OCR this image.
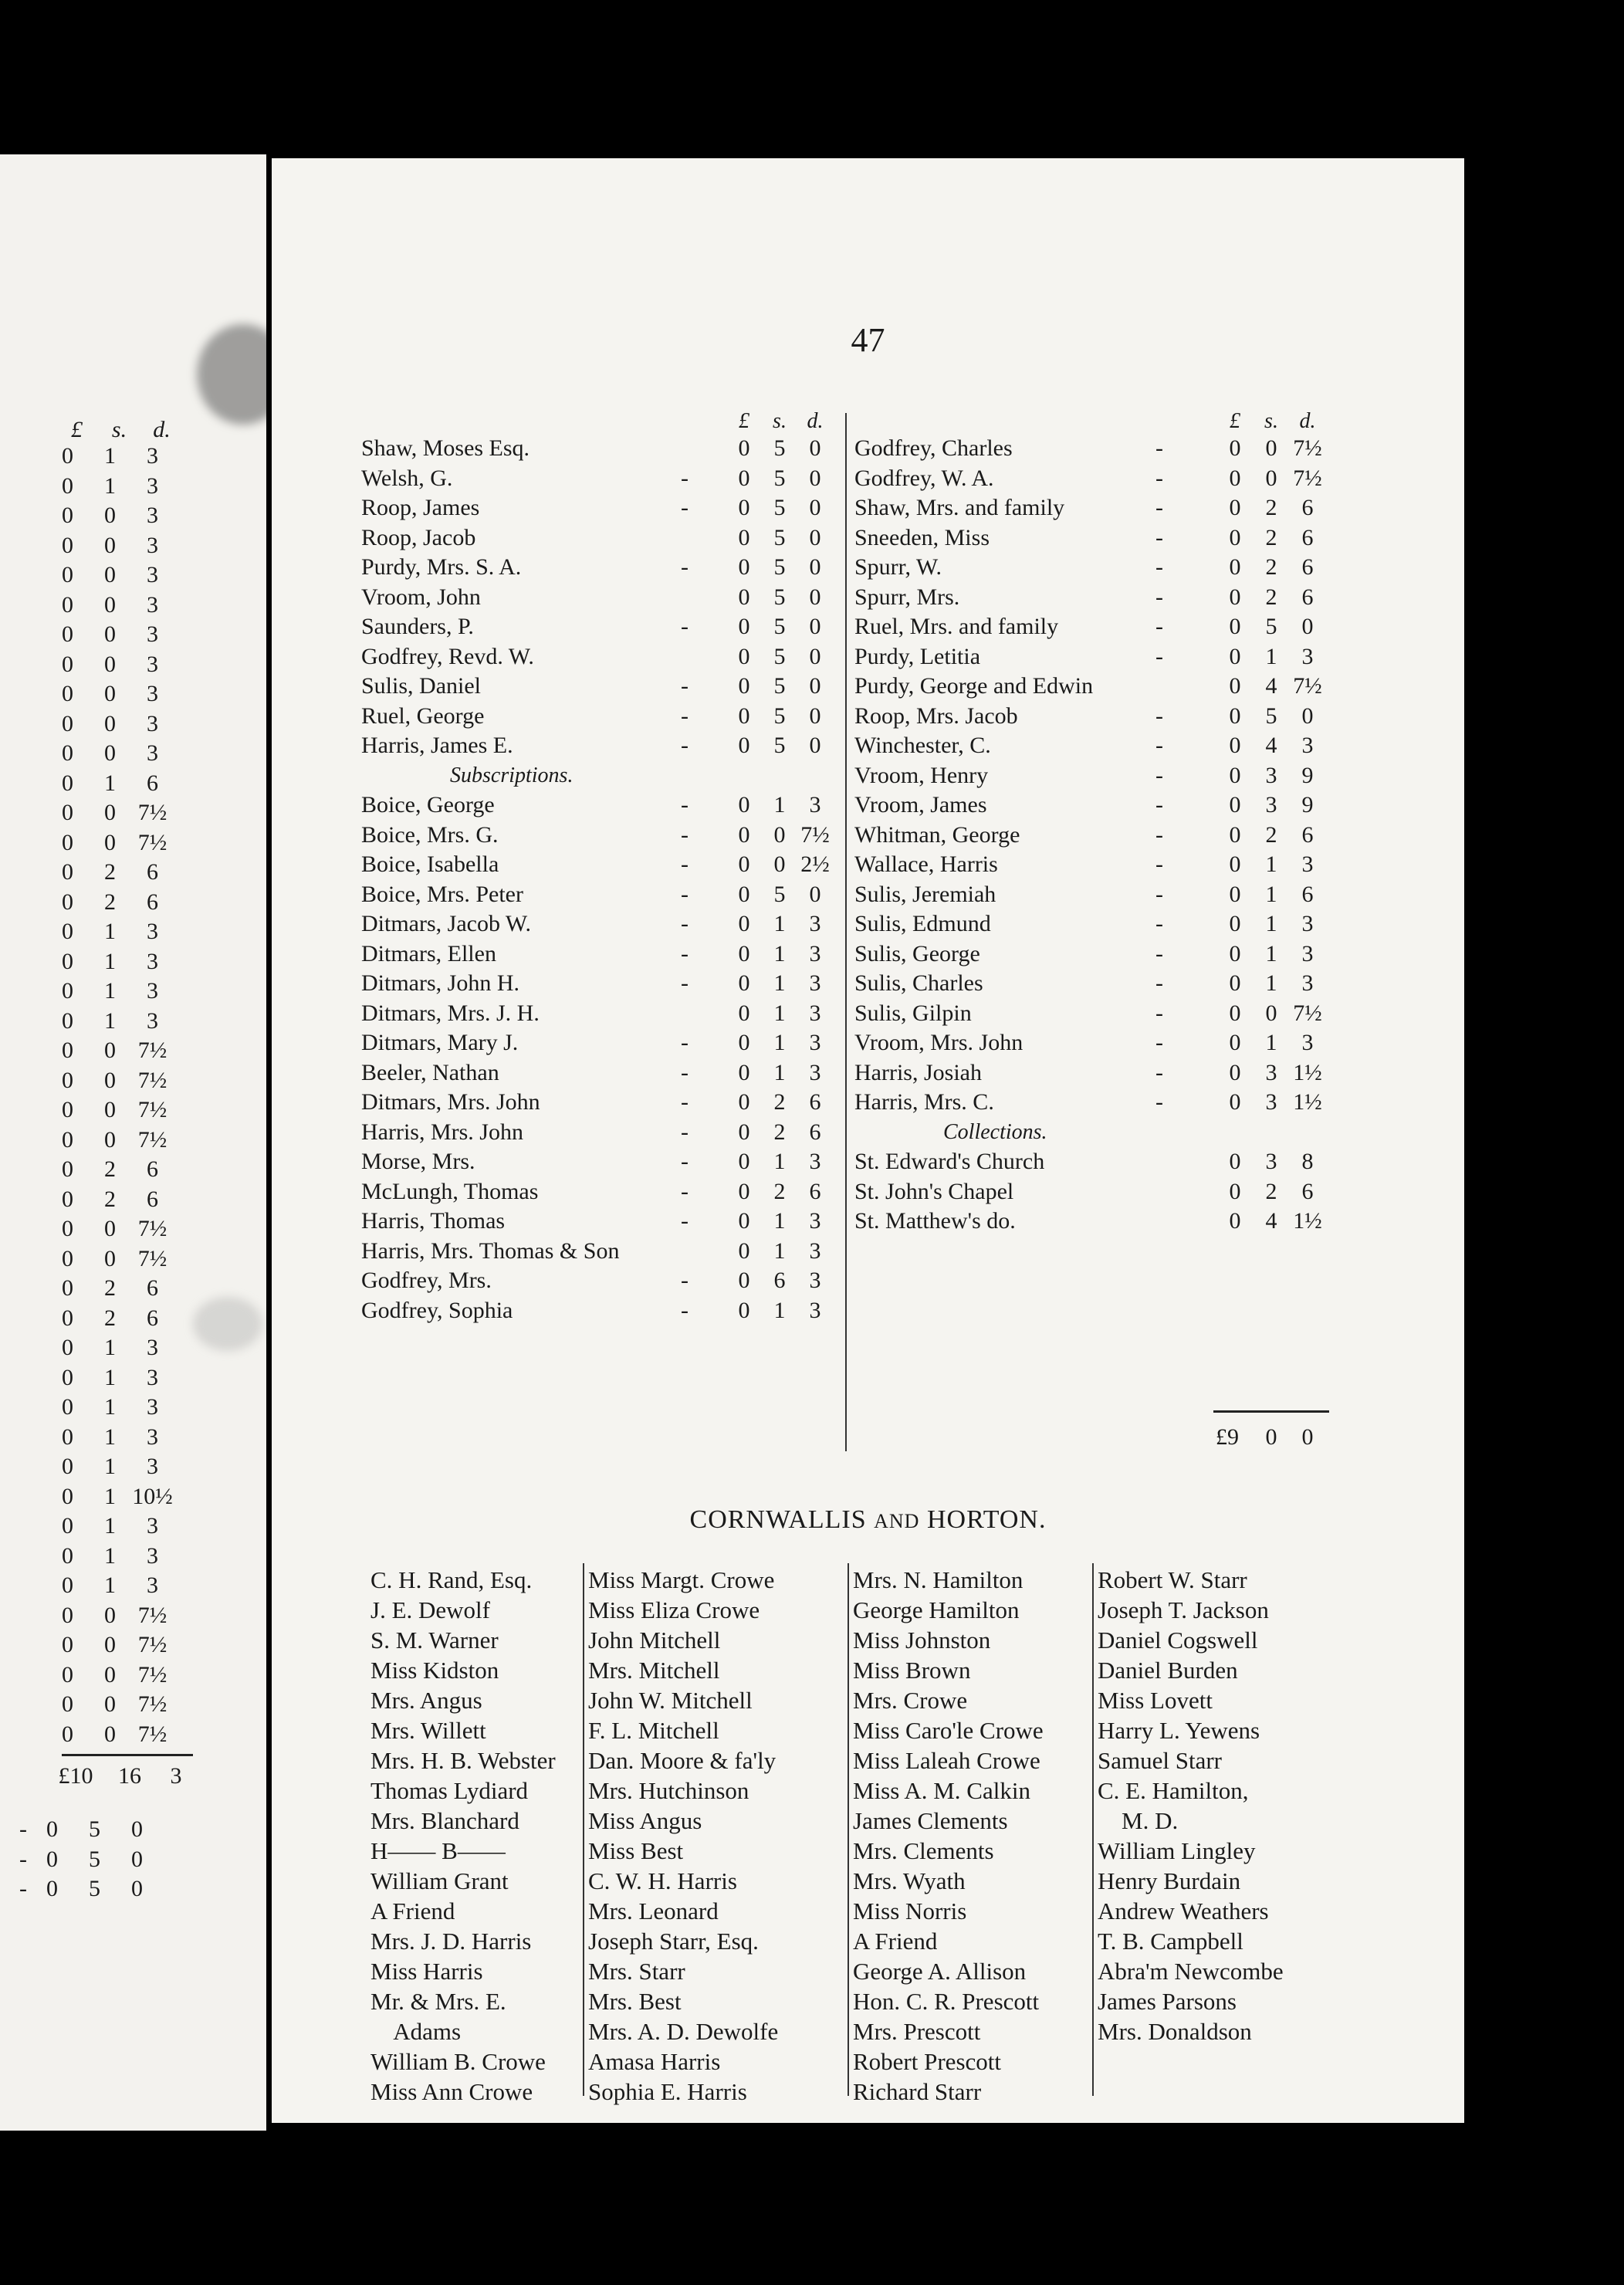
£	s.	d.
0	1	3
0	1	3
0	0	3
0	0	3
0	0	3
0	0	3
0	0	3
0	0	3
0	0	3
0	0	3
0	0	3
0	1	6
0	0 7½
0	0 7½
0	2	6
0	2	6
0	1	3
0	1	3
0	1	3
0	1	3
0	0 7½
0	0 7½
0	0 7½
0	0 7½
0	2	6
0	2	6
0	0 7½
0	0 7½
0	2	6
0	2	6
0	1	3
0	1	3
0	1	3
0	1	3
0	1	3
0	1 10½
0	1	3
0	1	3
0	1	3
0	0 7½
0	0 7½
0	0 7½
0	0 7½
0	0 7½
£10	16	3
- 0	5	0
- 0	5	0
- 0	5	0
47
£	s. d.	£	s. d.
Shaw, Moses Esq.	0	5	0
Welsh, G.	-	0	5	0
Roop, James	-	0	5	0
Roop, Jacob	0	5	0
Purdy, Mrs. S. A.	-	0	5	0
Vroom, John	0	5	0
Saunders, P.	-	0	5	0
Godfrey, Revd. W.	0	5	0
Sulis, Daniel	-	0	5	0
Ruel, George	-	0	5	0
Harris, James E.	-	0	5	0
Subscriptions.
Boice, George	-	0	1	3
Boice, Mrs. G.	-	0	0 7½
Boice, Isabella	-	0	0 2½
Boice, Mrs. Peter	-	0	5	0
Ditmars, Jacob W.	-	0	1	3
Ditmars, Ellen	-	0	1	3
Ditmars, John H.	-	0	1	3
Ditmars, Mrs. J. H.	0	1	3
Ditmars, Mary J.	-	0	1	3
Beeler, Nathan	-	0	1	3
Ditmars, Mrs. John	-	0	2	6
Harris, Mrs. John	-	0	2	6
Morse, Mrs.	-	0	1	3
McLungh, Thomas	-	0	2	6
Harris, Thomas	-	0	1	3
Harris, Mrs. Thomas & Son	0	1	3
Godfrey, Mrs.	-	0	6	3
Godfrey, Sophia	-	0	1	3
Godfrey, Charles	-	0	0 7½
Godfrey, W. A.	-	0	0 7½
Shaw, Mrs. and family	-	0	2	6
Sneeden, Miss	-	0	2	6
Spurr, W.	-	0	2	6
Spurr, Mrs.	-	0	2	6
Ruel, Mrs. and family	-	0	5	0
Purdy, Letitia	-	0	1	3
Purdy, George and Edwin	0	4 7½
Roop, Mrs. Jacob	-	0	5	0
Winchester, C.	-	0	4	3
Vroom, Henry	-	0	3	9
Vroom, James	-	0	3	9
Whitman, George	-	0	2	6
Wallace, Harris	-	0	1	3
Sulis, Jeremiah	-	0	1	6
Sulis, Edmund	-	0	1	3
Sulis, George	-	0	1	3
Sulis, Charles	-	0	1	3
Sulis, Gilpin	-	0	0 7½
Vroom, Mrs. John	-	0	1	3
Harris, Josiah	-	0	3 1½
Harris, Mrs. C.	-	0	3 1½
Collections.
St. Edward's Church	0	3	8
St. John's Chapel	0	2	6
St. Matthew's do.	0	4 1½
£9	0	0
CORNWALLIS AND HORTON.
C. H. Rand, Esq.
J. E. Dewolf
S. M. Warner
Miss Kidston
Mrs. Angus
Mrs. Willett
Mrs. H. B. Webster
Thomas Lydiard
Mrs. Blanchard
H—— B——
William Grant
A Friend
Mrs. J. D. Harris
Miss Harris
Mr. & Mrs. E.
Adams
William B. Crowe
Miss Ann Crowe
Miss Margt. Crowe
Miss Eliza Crowe
John Mitchell
Mrs. Mitchell
John W. Mitchell
F. L. Mitchell
Dan. Moore & fa'ly
Mrs. Hutchinson
Miss Angus
Miss Best
C. W. H. Harris
Mrs. Leonard
Joseph Starr, Esq.
Mrs. Starr
Mrs. Best
Mrs. A. D. Dewolfe
Amasa Harris
Sophia E. Harris
Mrs. N. Hamilton
George Hamilton
Miss Johnston
Miss Brown
Mrs. Crowe
Miss Caro'le Crowe
Miss Laleah Crowe
Miss A. M. Calkin
James Clements
Mrs. Clements
Mrs. Wyath
Miss Norris
A Friend
George A. Allison
Hon. C. R. Prescott
Mrs. Prescott
Robert Prescott
Richard Starr
Robert W. Starr
Joseph T. Jackson
Daniel Cogswell
Daniel Burden
Miss Lovett
Harry L. Yewens
Samuel Starr
C. E. Hamilton,
M. D.
William Lingley
Henry Burdain
Andrew Weathers
T. B. Campbell
Abra'm Newcombe
James Parsons
Mrs. Donaldson
